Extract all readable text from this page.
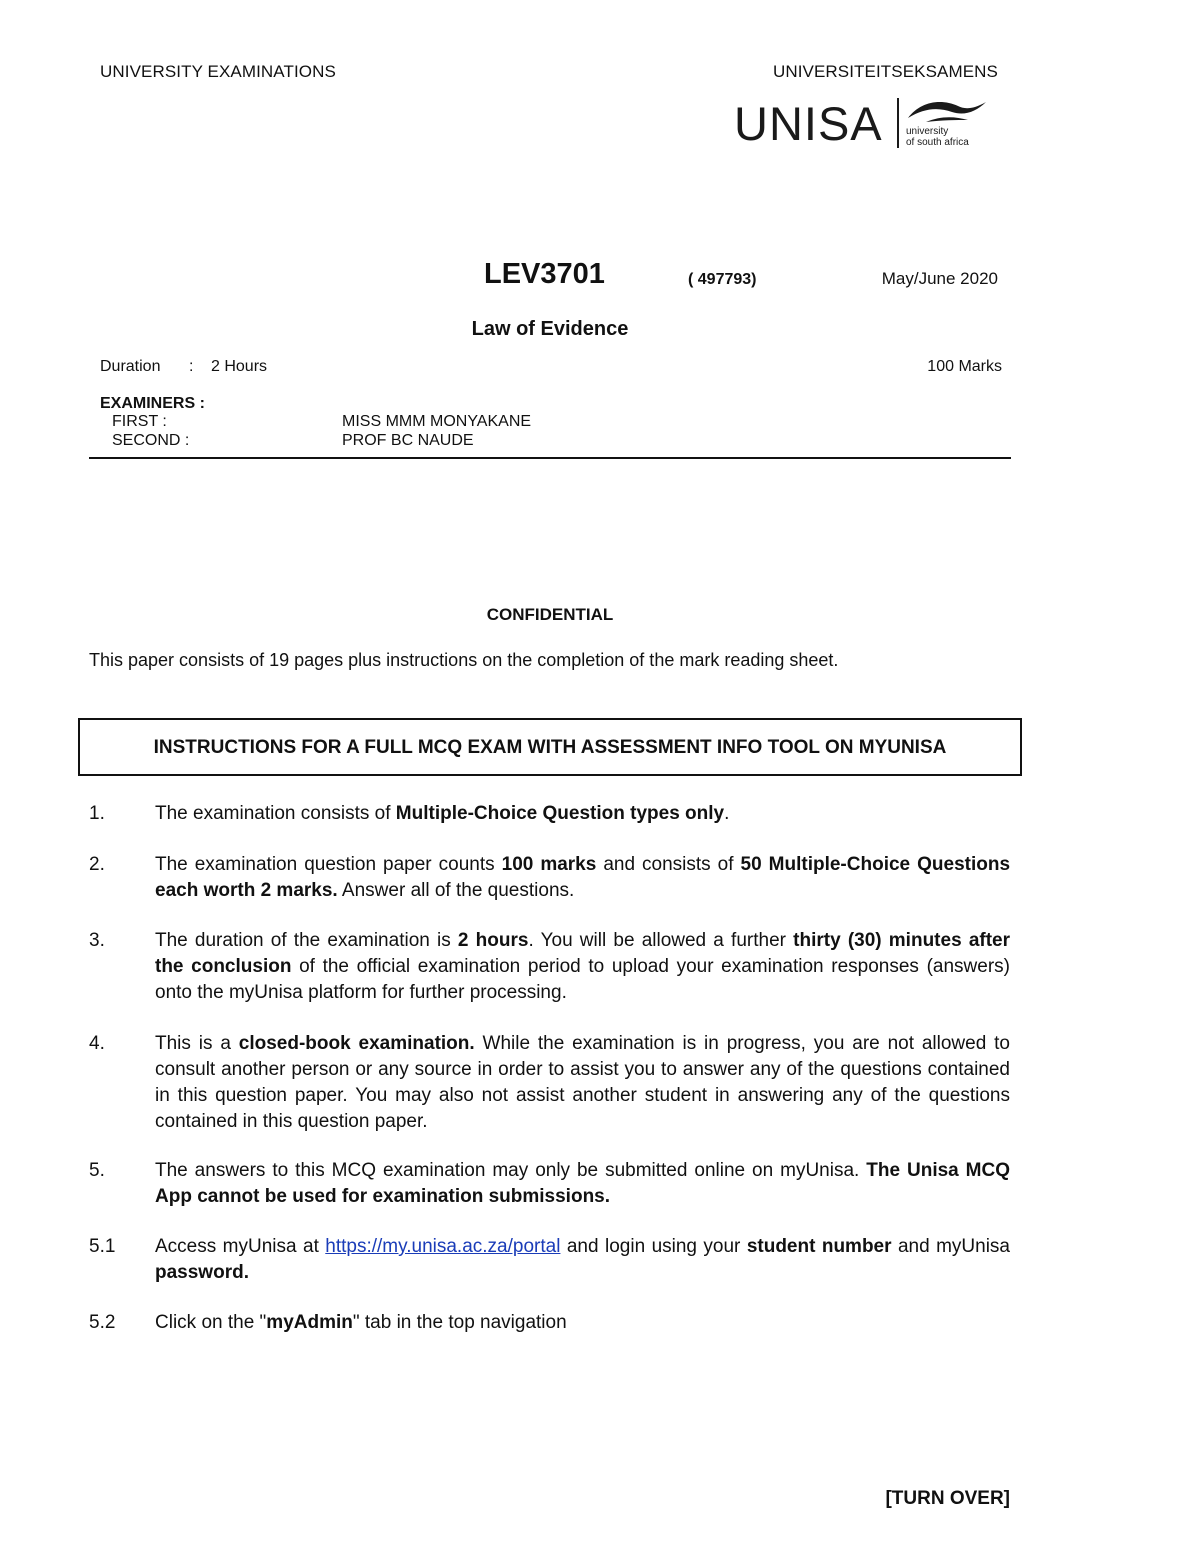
UNIVERSITY EXAMINATIONS	UNIVERSITEITSEKSAMENS
UNISA university
of south africa
LEV3701	( 497793)	May/June 2020
Law of Evidence
Duration : 2 Hours	100 Marks
EXAMINERS :
FIRST :	MISS MMM MONYAKANE
SECOND :	PROF BC NAUDE
CONFIDENTIAL
This paper consists of 19 pages plus instructions on the completion of the mark reading sheet.
INSTRUCTIONS FOR A FULL MCQ EXAM WITH ASSESSMENT INFO TOOL ON MYUNISA
1.	The examination consists of Multiple-Choice Question types only.
2.	The examination question paper counts 100 marks and consists of 50 Multiple-Choice Questions each worth 2 marks. Answer all of the questions.
3.	The duration of the examination is 2 hours. You will be allowed a further thirty (30) minutes after the conclusion of the official examination period to upload your examination responses (answers) onto the myUnisa platform for further processing.
4.	This is a closed-book examination. While the examination is in progress, you are not allowed to consult another person or any source in order to assist you to answer any of the questions contained in this question paper. You may also not assist another student in answering any of the questions contained in this question paper.
5.	The answers to this MCQ examination may only be submitted online on myUnisa. The Unisa MCQ App cannot be used for examination submissions.
5.1 Access myUnisa at https://my.unisa.ac.za/portal and login using your student number and myUnisa password.
5.2 Click on the "myAdmin" tab in the top navigation
[TURN OVER]
